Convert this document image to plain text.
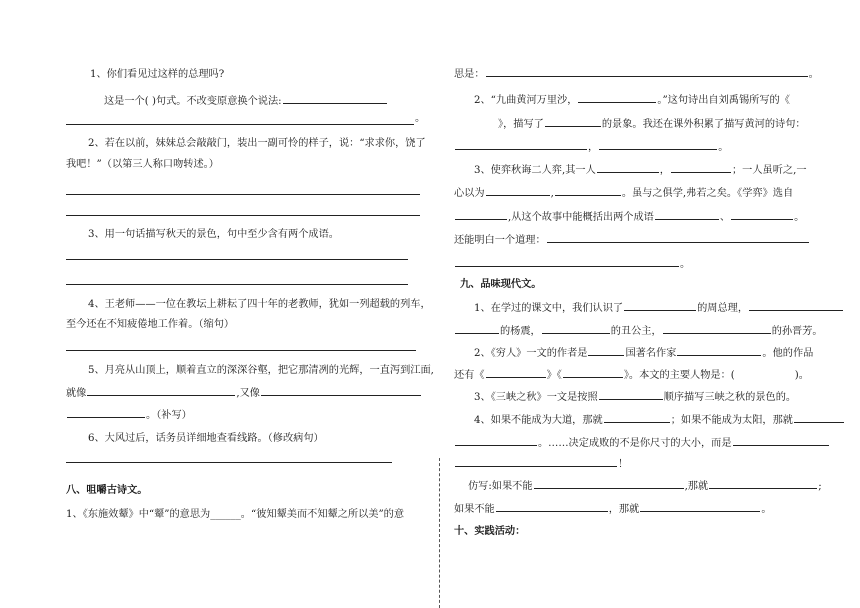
1、你们看见过这样的总理吗?
这是一个( )句式。不改变原意换个说法:
。
2、若在以前，妹妹总会敲敲门，装出一副可怜的样子，说：“求求你，饶了
我吧！”（以第三人称口吻转述。）
3、用一句话描写秋天的景色，句中至少含有两个成语。
4、王老师——一位在教坛上耕耘了四十年的老教师，犹如一列超载的列车，
至今还在不知疲倦地工作着。（缩句）
5、月亮从山顶上，顺着直立的深深谷壑，把它那清冽的光辉，一直泻到江面,
就像	,又像
。（补写）
6、大风过后，话务员详细地查看线路。（修改病句）
八、咀嚼古诗文。
1、《东施效颦》中“颦”的意思为______。“彼知颦美而不知颦之所以美”的意
思是：	。
2、“九曲黄河万里沙，	。”这句诗出自刘禹锡所写的《
》，描写了	的景象。我还在课外积累了描写黄河的诗句：
，	。
3、使弈秋诲二人弈,其一人	，	；一人虽听之,一
心以为	,	。虽与之俱学,弗若之矣。《学弈》选自
,从这个故事中能概括出两个成语	、	。
还能明白一个道理：
。
九、品味现代文。
1、在学过的课文中，我们认识了	的周总理，
的杨震，	的丑公主，	的孙晋芳。
2、《穷人》一文的作者是	国著名作家	。他的作品
还有《	》《	》。本文的主要人物是：(	)。
3、《三峡之秋》一文是按照	顺序描写三峡之秋的景色的。
4、如果不能成为大道，那就	；如果不能成为太阳，那就
。……决定成败的不是你尺寸的大小，而是
！
仿写:如果不能	,那就	;
如果不能	，那就	。
十、实践活动：
